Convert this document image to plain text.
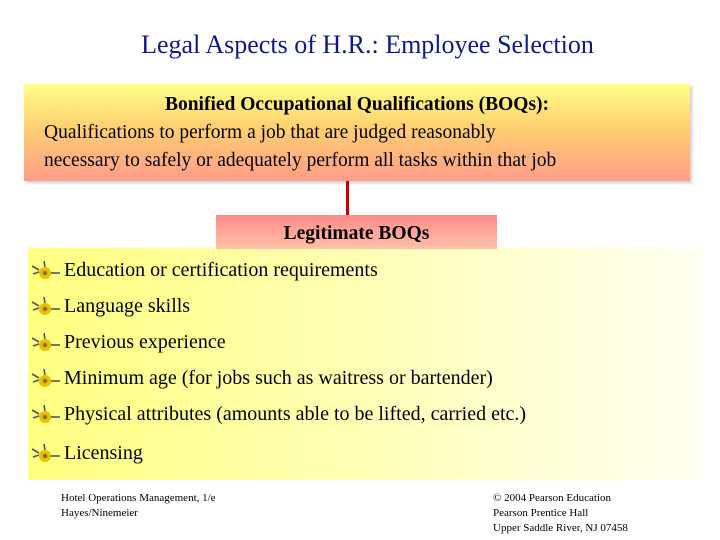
Legal Aspects of H.R.: Employee Selection
Bonified Occupational Qualifications (BOQs):
Qualifications to perform a job that are judged reasonably
necessary to safely or adequately perform all tasks within that job
Legitimate BOQs
Education or certification requirements
Language skills
Previous experience
Minimum age (for jobs such as waitress or bartender)
Physical attributes (amounts able to be lifted, carried etc.)
Licensing
Hotel Operations Management, 1/e
Hayes/Ninemeier
© 2004 Pearson Education
Pearson Prentice Hall
Upper Saddle River, NJ 07458
